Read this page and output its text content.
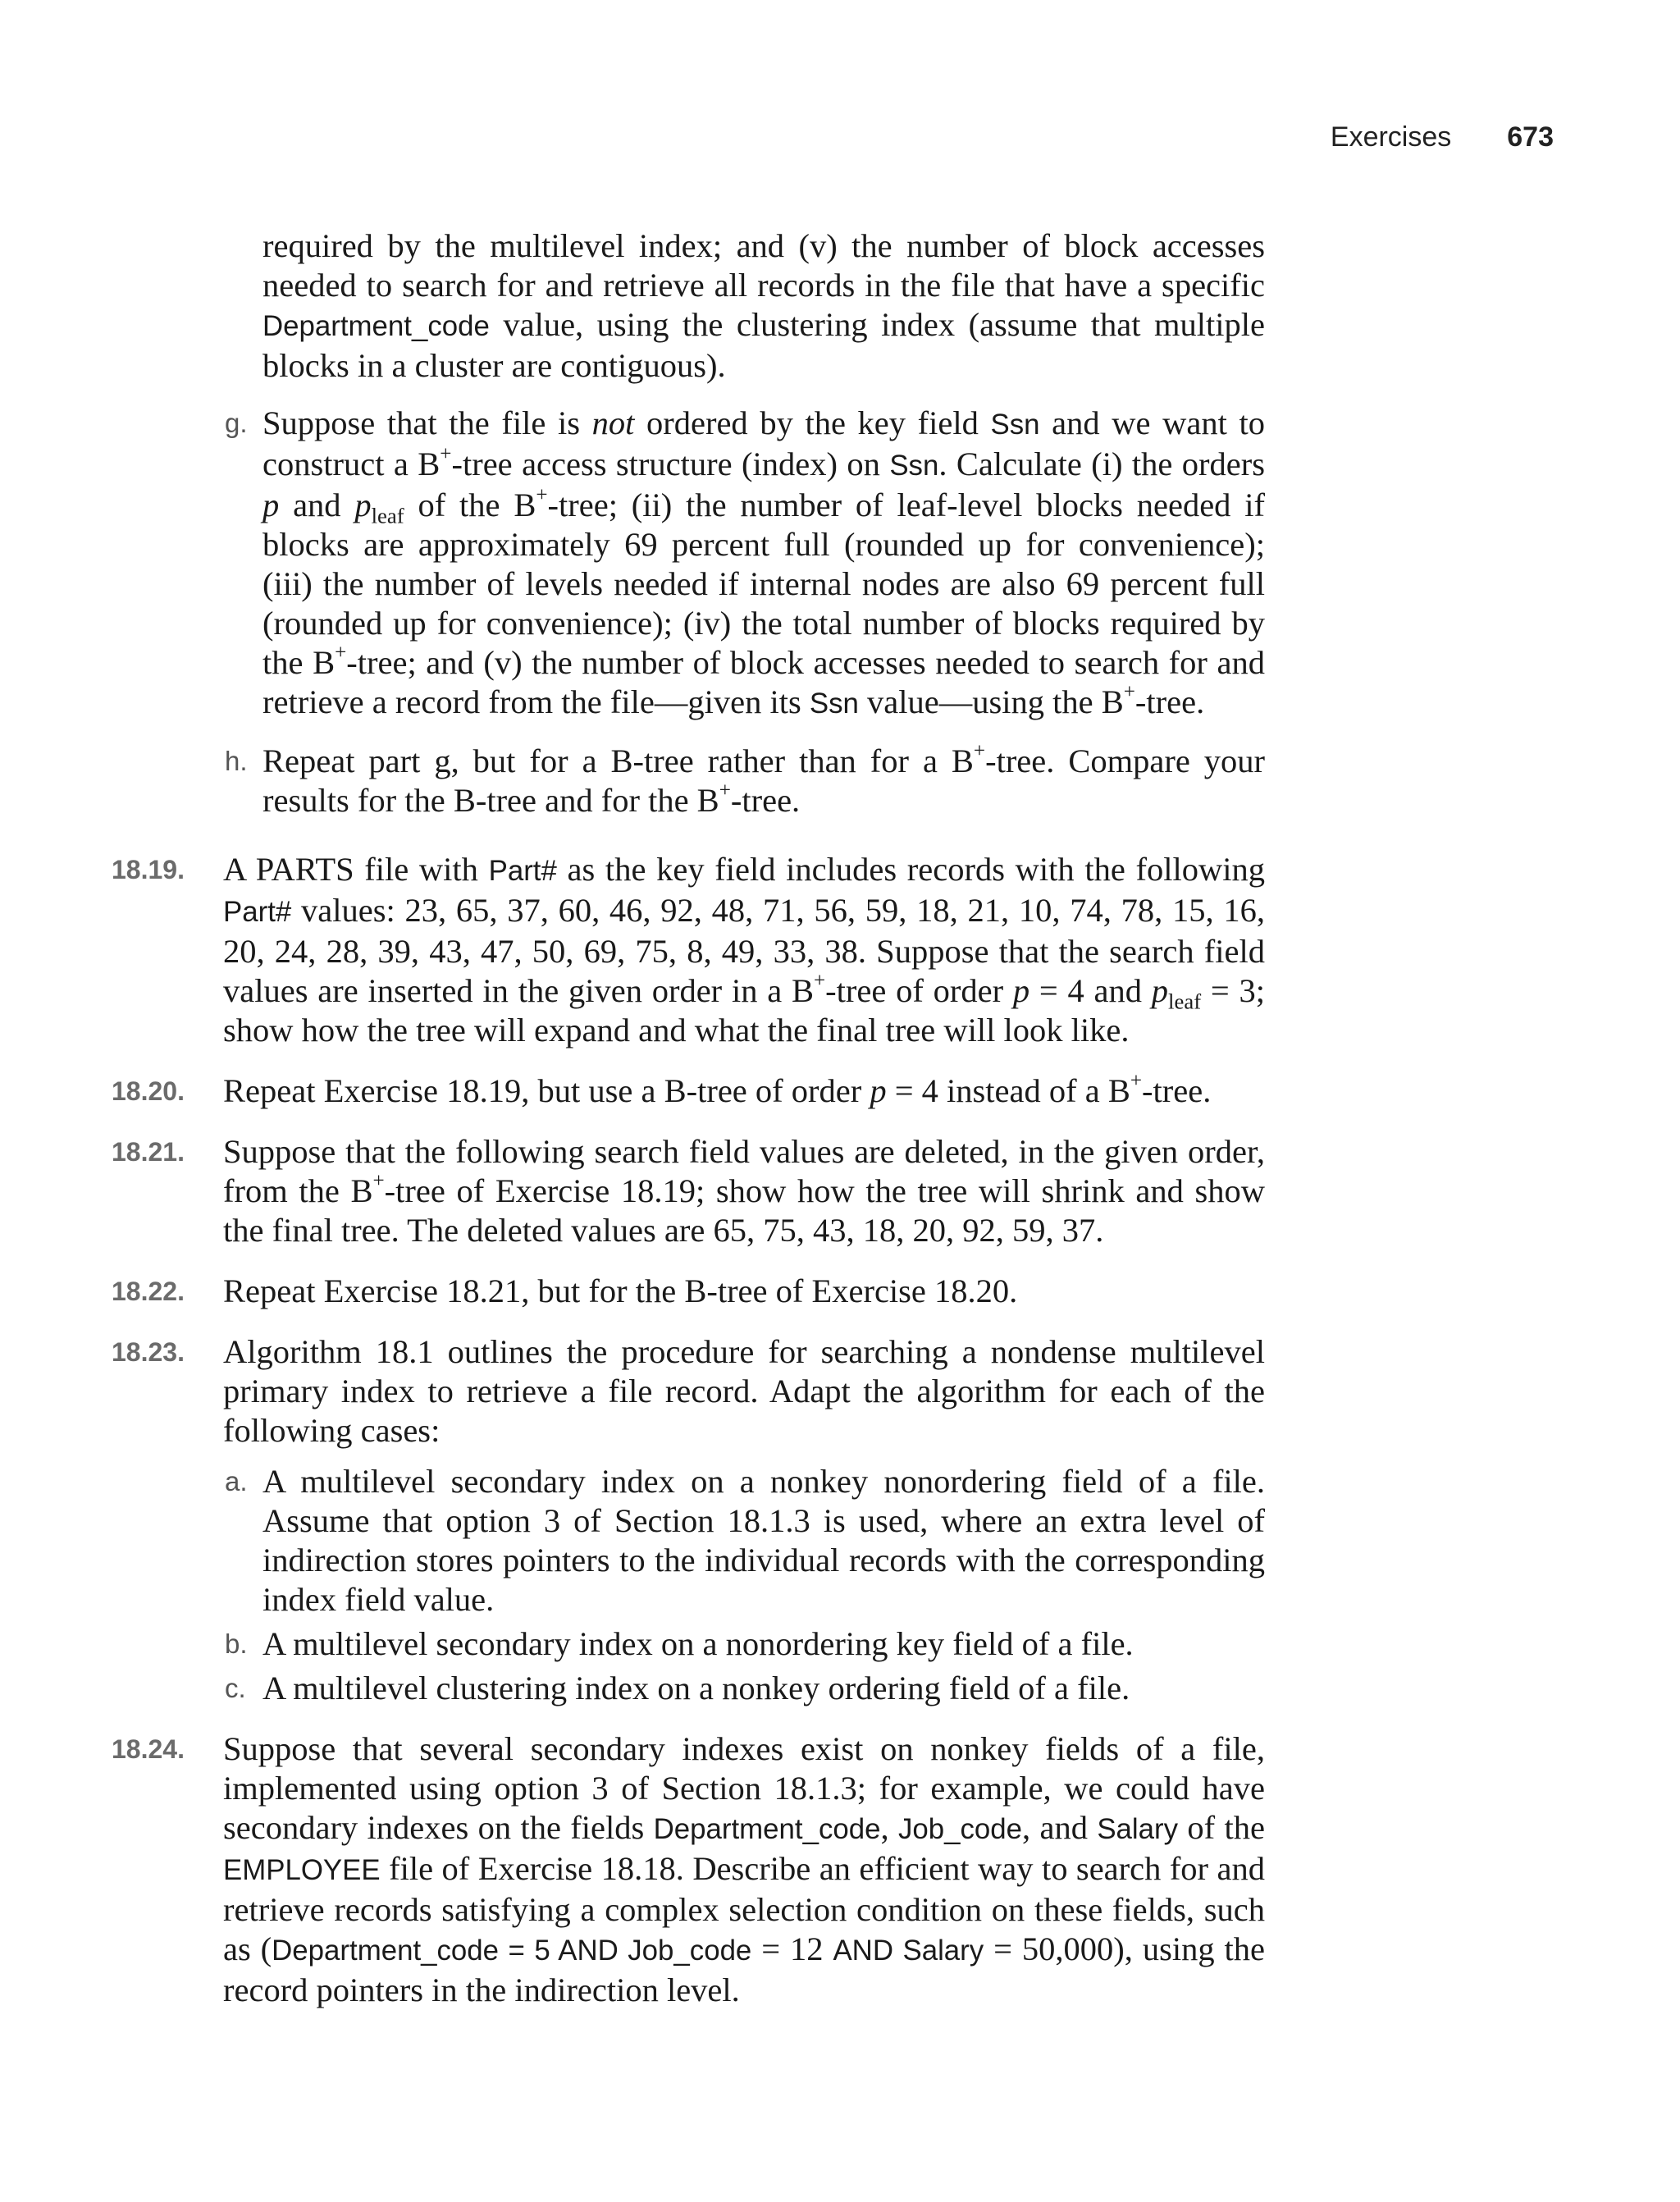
Exercises 673

required by the multilevel index; and (v) the number of block accesses needed to search for and retrieve all records in the file that have a specific Department_code value, using the clustering index (assume that multiple blocks in a cluster are contiguous).

g. Suppose that the file is not ordered by the key field Ssn and we want to construct a B+-tree access structure (index) on Ssn. Calculate (i) the orders p and $p_{leaf}$ of the B+-tree; (ii) the number of leaf-level blocks needed if blocks are approximately 69 percent full (rounded up for convenience); (iii) the number of levels needed if internal nodes are also 69 percent full (rounded up for convenience); (iv) the total number of blocks required by the B+-tree; and (v) the number of block accesses needed to search for and retrieve a record from the file—given its Ssn value—using the B+-tree.

h. Repeat part g, but for a B-tree rather than for a B+-tree. Compare your results for the B-tree and for the B+-tree.

18.19. A PARTS file with Part# as the key field includes records with the following Part# values: 23, 65, 37, 60, 46, 92, 48, 71, 56, 59, 18, 21, 10, 74, 78, 15, 16, 20, 24, 28, 39, 43, 47, 50, 69, 75, 8, 49, 33, 38. Suppose that the search field values are inserted in the given order in a B+-tree of order p = 4 and $p_{leaf} = 3$; show how the tree will expand and what the final tree will look like.

18.20. Repeat Exercise 18.19, but use a B-tree of order p = 4 instead of a B+-tree.

18.21. Suppose that the following search field values are deleted, in the given order, from the B+-tree of Exercise 18.19; show how the tree will shrink and show the final tree. The deleted values are 65, 75, 43, 18, 20, 92, 59, 37.

18.22. Repeat Exercise 18.21, but for the B-tree of Exercise 18.20.

18.23. Algorithm 18.1 outlines the procedure for searching a nondense multilevel primary index to retrieve a file record. Adapt the algorithm for each of the following cases:

a. A multilevel secondary index on a nonkey nonordering field of a file. Assume that option 3 of Section 18.1.3 is used, where an extra level of indirection stores pointers to the individual records with the corresponding index field value.

b. A multilevel secondary index on a nonordering key field of a file.

c. A multilevel clustering index on a nonkey ordering field of a file.

18.24. Suppose that several secondary indexes exist on nonkey fields of a file, implemented using option 3 of Section 18.1.3; for example, we could have secondary indexes on the fields Department_code, Job_code, and Salary of the EMPLOYEE file of Exercise 18.18. Describe an efficient way to search for and retrieve records satisfying a complex selection condition on these fields, such as (Department_code = 5 AND Job_code = 12 AND Salary = 50,000), using the record pointers in the indirection level.
